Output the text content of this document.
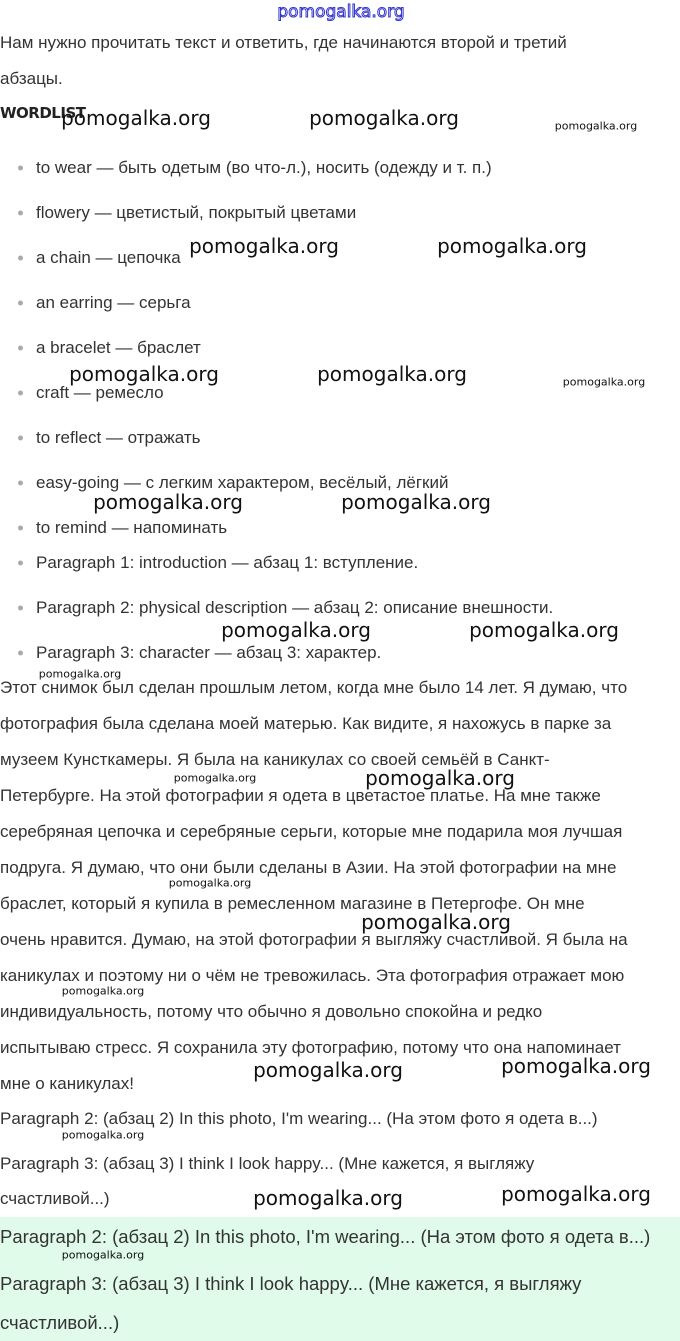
pomogalka.org
Нам нужно прочитать текст и ответить, где начинаются второй и третий
абзацы.
WORDLIST
to wear — быть одетым (во что-л.), носить (одежду и т. п.)
flowery — цветистый, покрытый цветами
a chain — цепочка
an earring — серьга
a bracelet — браслет
craft — ремесло
to reflect — отражать
easy-going — с легким характером, весёлый, лёгкий
to remind — напоминать
Paragraph 1: introduction — абзац 1: вступление.
Paragraph 2: physical description — абзац 2: описание внешности.
Paragraph 3: character — абзац 3: характер.
Этот снимок был сделан прошлым летом, когда мне было 14 лет. Я думаю, что
фотография была сделана моей матерью. Как видите, я нахожусь в парке за
музеем Кунсткамеры. Я была на каникулах со своей семьёй в Санкт-
Петербурге. На этой фотографии я одета в цветастое платье. На мне также
серебряная цепочка и серебряные серьги, которые мне подарила моя лучшая
подруга. Я думаю, что они были сделаны в Азии. На этой фотографии на мне
браслет, который я купила в ремесленном магазине в Петергофе. Он мне
очень нравится. Думаю, на этой фотографии я выгляжу счастливой. Я была на
каникулах и поэтому ни о чём не тревожилась. Эта фотография отражает мою
индивидуальность, потому что обычно я довольно спокойна и редко
испытываю стресс. Я сохранила эту фотографию, потому что она напоминает
мне о каникулах!
Paragraph 2: (абзац 2) In this photo, I'm wearing... (На этом фото я одета в...)
Paragraph 3: (абзац 3) I think I look happy... (Мне кажется, я выгляжу
счастливой...)
Paragraph 2: (абзац 2) In this photo, I'm wearing... (На этом фото я одета в...)
Paragraph 3: (абзац 3) I think I look happy... (Мне кажется, я выгляжу
счастливой...)
pomogalka.org	pomogalka.org	pomogalka.org
pomogalka.org	pomogalka.org
pomogalka.org	pomogalka.org	pomogalka.org
pomogalka.org	pomogalka.org
pomogalka.org	pomogalka.org
pomogalka.org
pomogalka.org	pomogalka.org
pomogalka.org
pomogalka.org
pomogalka.org
pomogalka.org	pomogalka.org
pomogalka.org
pomogalka.org	pomogalka.org
pomogalka.org
